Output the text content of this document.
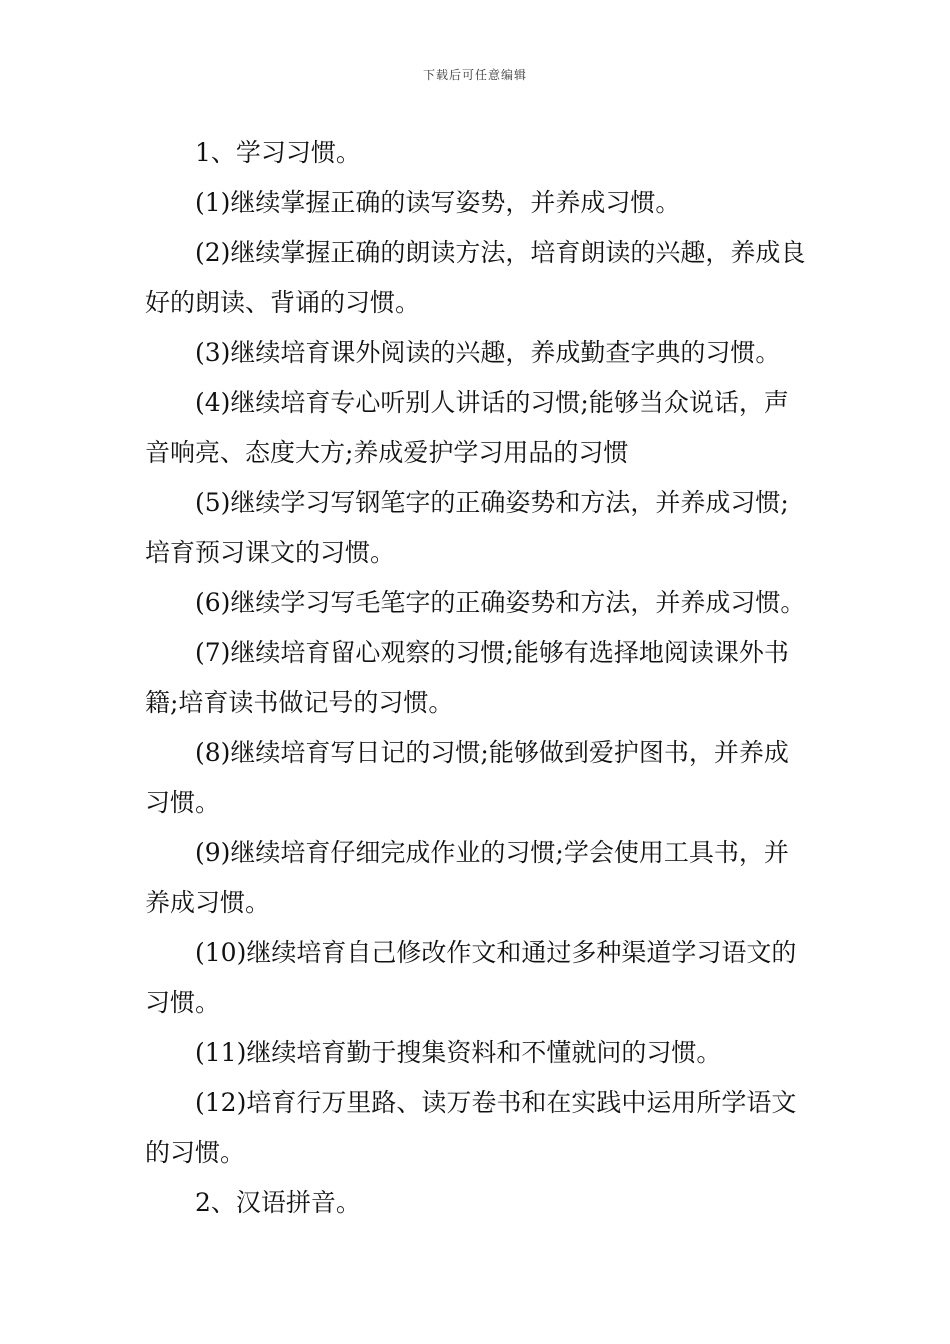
下载后可任意编辑

1、学习习惯。

(1)继续掌握正确的读写姿势，并养成习惯。

(2)继续掌握正确的朗读方法，培育朗读的兴趣，养成良好的朗读、背诵的习惯。

(3)继续培育课外阅读的兴趣，养成勤查字典的习惯。

(4)继续培育专心听别人讲话的习惯;能够当众说话，声音响亮、态度大方;养成爱护学习用品的习惯

(5)继续学习写钢笔字的正确姿势和方法，并养成习惯;培育预习课文的习惯。

(6)继续学习写毛笔字的正确姿势和方法，并养成习惯。

(7)继续培育留心观察的习惯;能够有选择地阅读课外书籍;培育读书做记号的习惯。

(8)继续培育写日记的习惯;能够做到爱护图书，并养成习惯。

(9)继续培育仔细完成作业的习惯;学会使用工具书，并养成习惯。

(10)继续培育自己修改作文和通过多种渠道学习语文的习惯。

(11)继续培育勤于搜集资料和不懂就问的习惯。

(12)培育行万里路、读万卷书和在实践中运用所学语文的习惯。

2、汉语拼音。
